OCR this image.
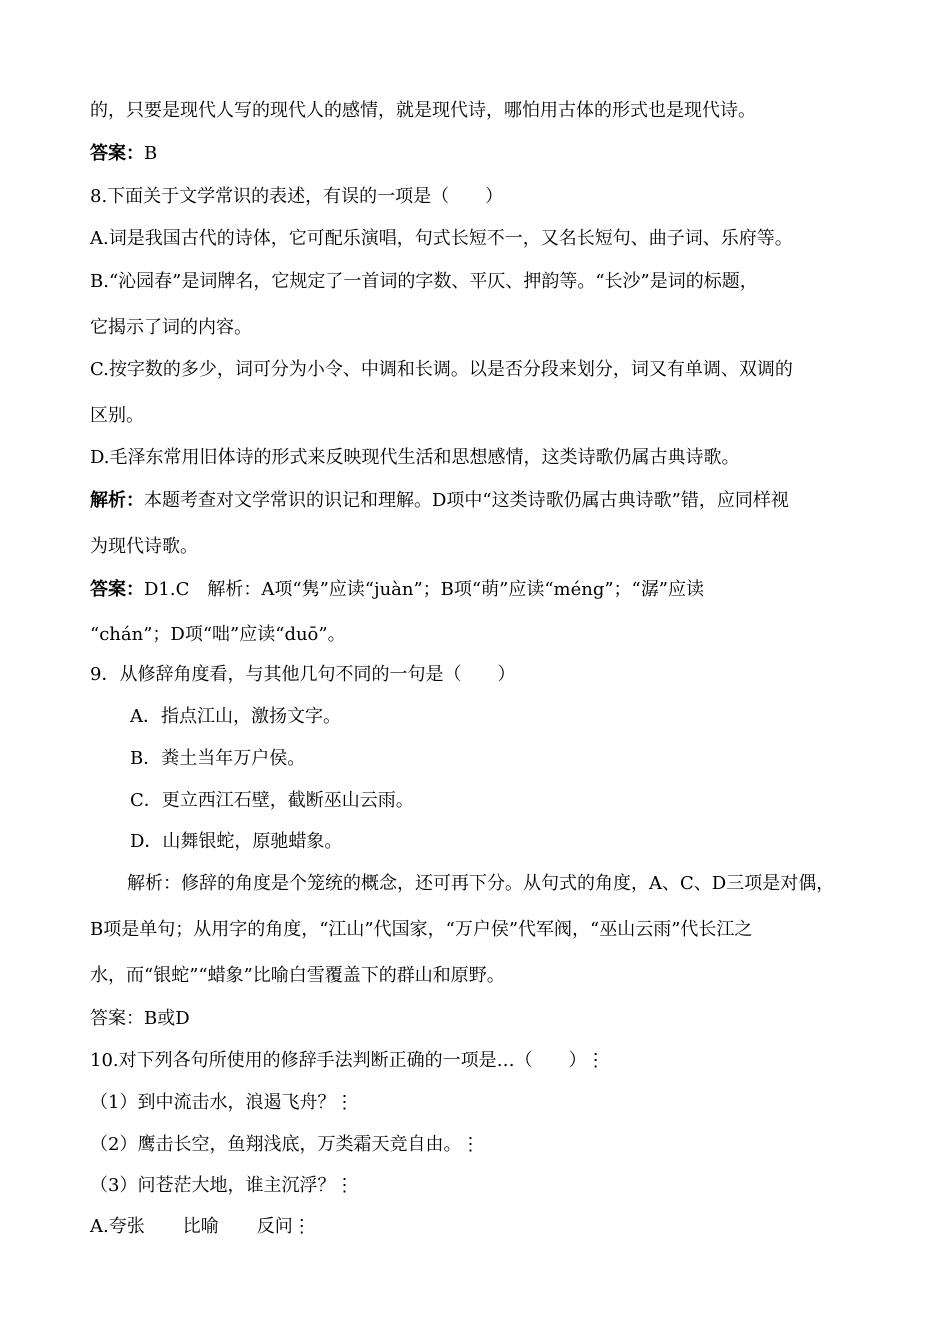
的，只要是现代人写的现代人的感情，就是现代诗，哪怕用古体的形式也是现代诗。
答案：B
8.下面关于文学常识的表述，有误的一项是（　　）
A.词是我国古代的诗体，它可配乐演唱，句式长短不一，又名长短句、曲子词、乐府等。
B.“沁园春”是词牌名，它规定了一首词的字数、平仄、押韵等。“长沙”是词的标题，
它揭示了词的内容。
C.按字数的多少，词可分为小令、中调和长调。以是否分段来划分，词又有单调、双调的
区别。
D.毛泽东常用旧体诗的形式来反映现代生活和思想感情，这类诗歌仍属古典诗歌。
解析：本题考查对文学常识的识记和理解。D项中“这类诗歌仍属古典诗歌”错，应同样视
为现代诗歌。
答案：D1.C　解析：A项“隽”应读“juàn”；B项“萌”应读“méng”；“潺”应读
“chán”；D项“咄”应读“duō”。
9．从修辞角度看，与其他几句不同的一句是（　　）
A．指点江山，激扬文字。
B．粪土当年万户侯。
C．更立西江石壁，截断巫山云雨。
D．山舞银蛇，原驰蜡象。
解析：修辞的角度是个笼统的概念，还可再下分。从句式的角度，A、C、D三项是对偶，
B项是单句；从用字的角度，“江山”代国家，“万户侯”代军阀，“巫山云雨”代长江之
水，而“银蛇”“蜡象”比喻白雪覆盖下的群山和原野。
答案：B或D
10.对下列各句所使用的修辞手法判断正确的一项是…（　　）⋮
（1）到中流击水，浪遏飞舟？⋮
（2）鹰击长空，鱼翔浅底，万类霜天竞自由。⋮
（3）问苍茫大地，谁主沉浮？⋮
A.夸张 比喻 反问⋮
